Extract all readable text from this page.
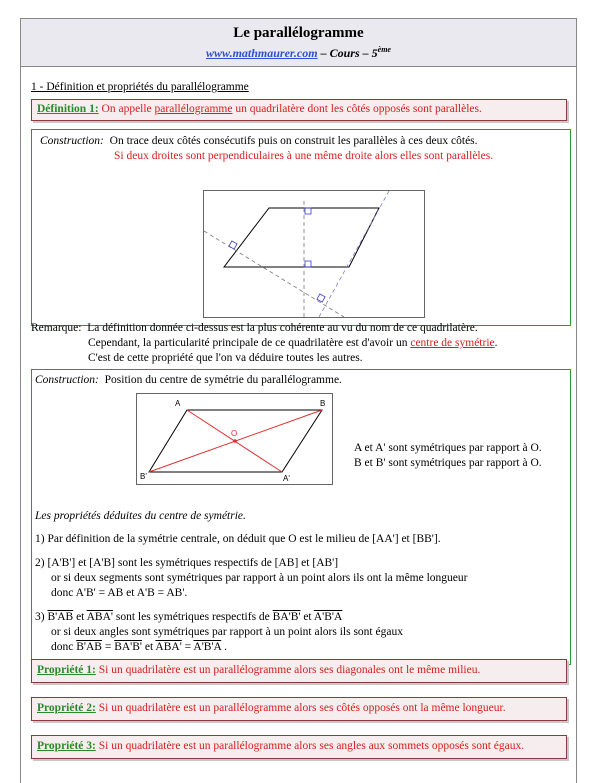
Le parallélogramme
www.mathmaurer.com – Cours – 5ème
1 - Définition et propriétés du parallélogramme
Définition 1: On appelle parallélogramme un quadrilatère dont les côtés opposés sont parallèles.
Construction: On trace deux côtés consécutifs puis on construit les parallèles à ces deux côtés.
Si deux droites sont perpendiculaires à une même droite alors elles sont parallèles.
Remarque: La définition donnée ci-dessus est la plus cohérente au vu du nom de ce quadrilatère.
Cependant, la particularité principale de ce quadrilatère est d'avoir un centre de symétrie.
C'est de cette propriété que l'on va déduire toutes les autres.
Construction: Position du centre de symétrie du parallélogramme.
A	B
O
B'	A'
A et A' sont symétriques par rapport à O.
B et B' sont symétriques par rapport à O.
Les propriétés déduites du centre de symétrie.
1) Par définition de la symétrie centrale, on déduit que O est le milieu de [AA'] et [BB'].
2) [A'B'] et [A'B] sont les symétriques respectifs de [AB] et [AB']
or si deux segments sont symétriques par rapport à un point alors ils ont la même longueur
donc A'B' = AB et A'B = AB'.
3) B'AB et ABA' sont les symétriques respectifs de BA'B' et A'B'A
or si deux angles sont symétriques par rapport à un point alors ils sont égaux
donc B'AB = BA'B' et ABA' = A'B'A .
Propriété 1: Si un quadrilatère est un parallélogramme alors ses diagonales ont le même milieu.
Propriété 2: Si un quadrilatère est un parallélogramme alors ses côtés opposés ont la même longueur.
Propriété 3: Si un quadrilatère est un parallélogramme alors ses angles aux sommets opposés sont égaux.
